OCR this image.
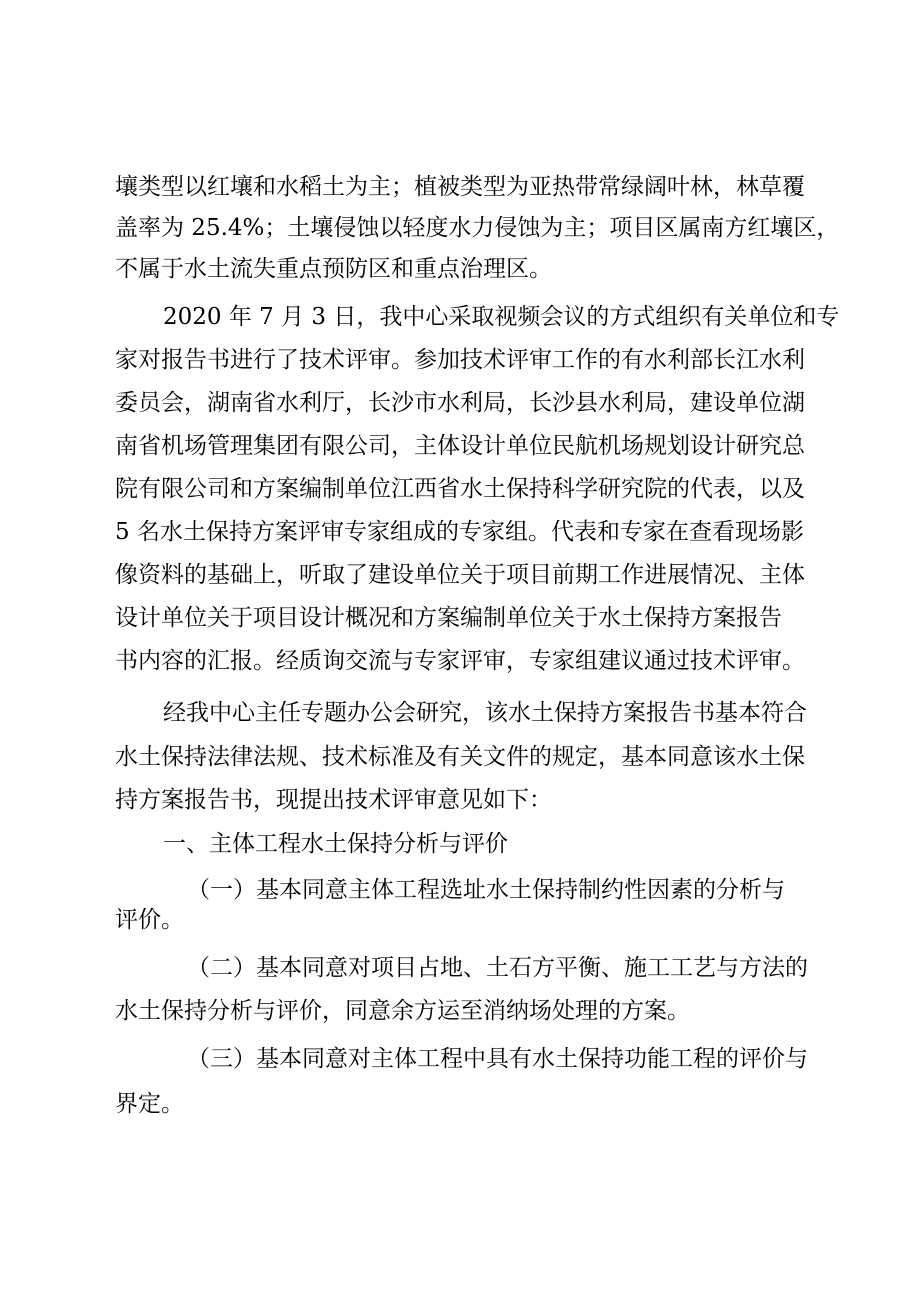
壤类型以红壤和水稻土为主；植被类型为亚热带常绿阔叶林，林草覆
盖率为 25.4%；土壤侵蚀以轻度水力侵蚀为主；项目区属南方红壤区，
不属于水土流失重点预防区和重点治理区。
2020 年 7 月 3 日，我中心采取视频会议的方式组织有关单位和专
家对报告书进行了技术评审。参加技术评审工作的有水利部长江水利
委员会，湖南省水利厅，长沙市水利局，长沙县水利局，建设单位湖
南省机场管理集团有限公司，主体设计单位民航机场规划设计研究总
院有限公司和方案编制单位江西省水土保持科学研究院的代表，以及
5 名水土保持方案评审专家组成的专家组。代表和专家在查看现场影
像资料的基础上，听取了建设单位关于项目前期工作进展情况、主体
设计单位关于项目设计概况和方案编制单位关于水土保持方案报告
书内容的汇报。经质询交流与专家评审，专家组建议通过技术评审。
经我中心主任专题办公会研究，该水土保持方案报告书基本符合
水土保持法律法规、技术标准及有关文件的规定，基本同意该水土保
持方案报告书，现提出技术评审意见如下：
一、主体工程水土保持分析与评价
（一）基本同意主体工程选址水土保持制约性因素的分析与
评价。
（二）基本同意对项目占地、土石方平衡、施工工艺与方法的
水土保持分析与评价，同意余方运至消纳场处理的方案。
（三）基本同意对主体工程中具有水土保持功能工程的评价与
界定。
